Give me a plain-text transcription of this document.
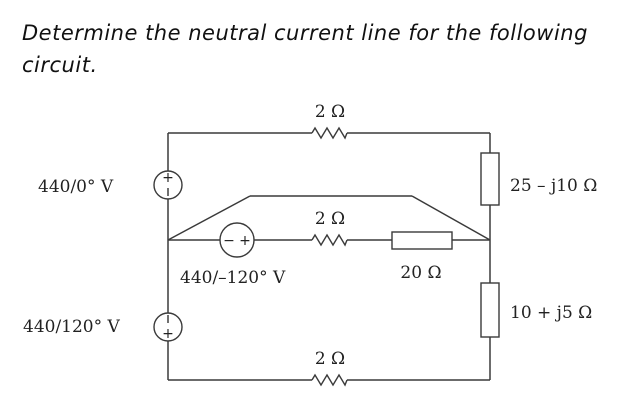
Determine the neutral current line for the following
circuit.
+
− +
+
2 Ω
2 Ω
2 Ω
20 Ω
25 – j10 Ω
10 + j5 Ω
440/0° V
440/–120° V
440/120° V
